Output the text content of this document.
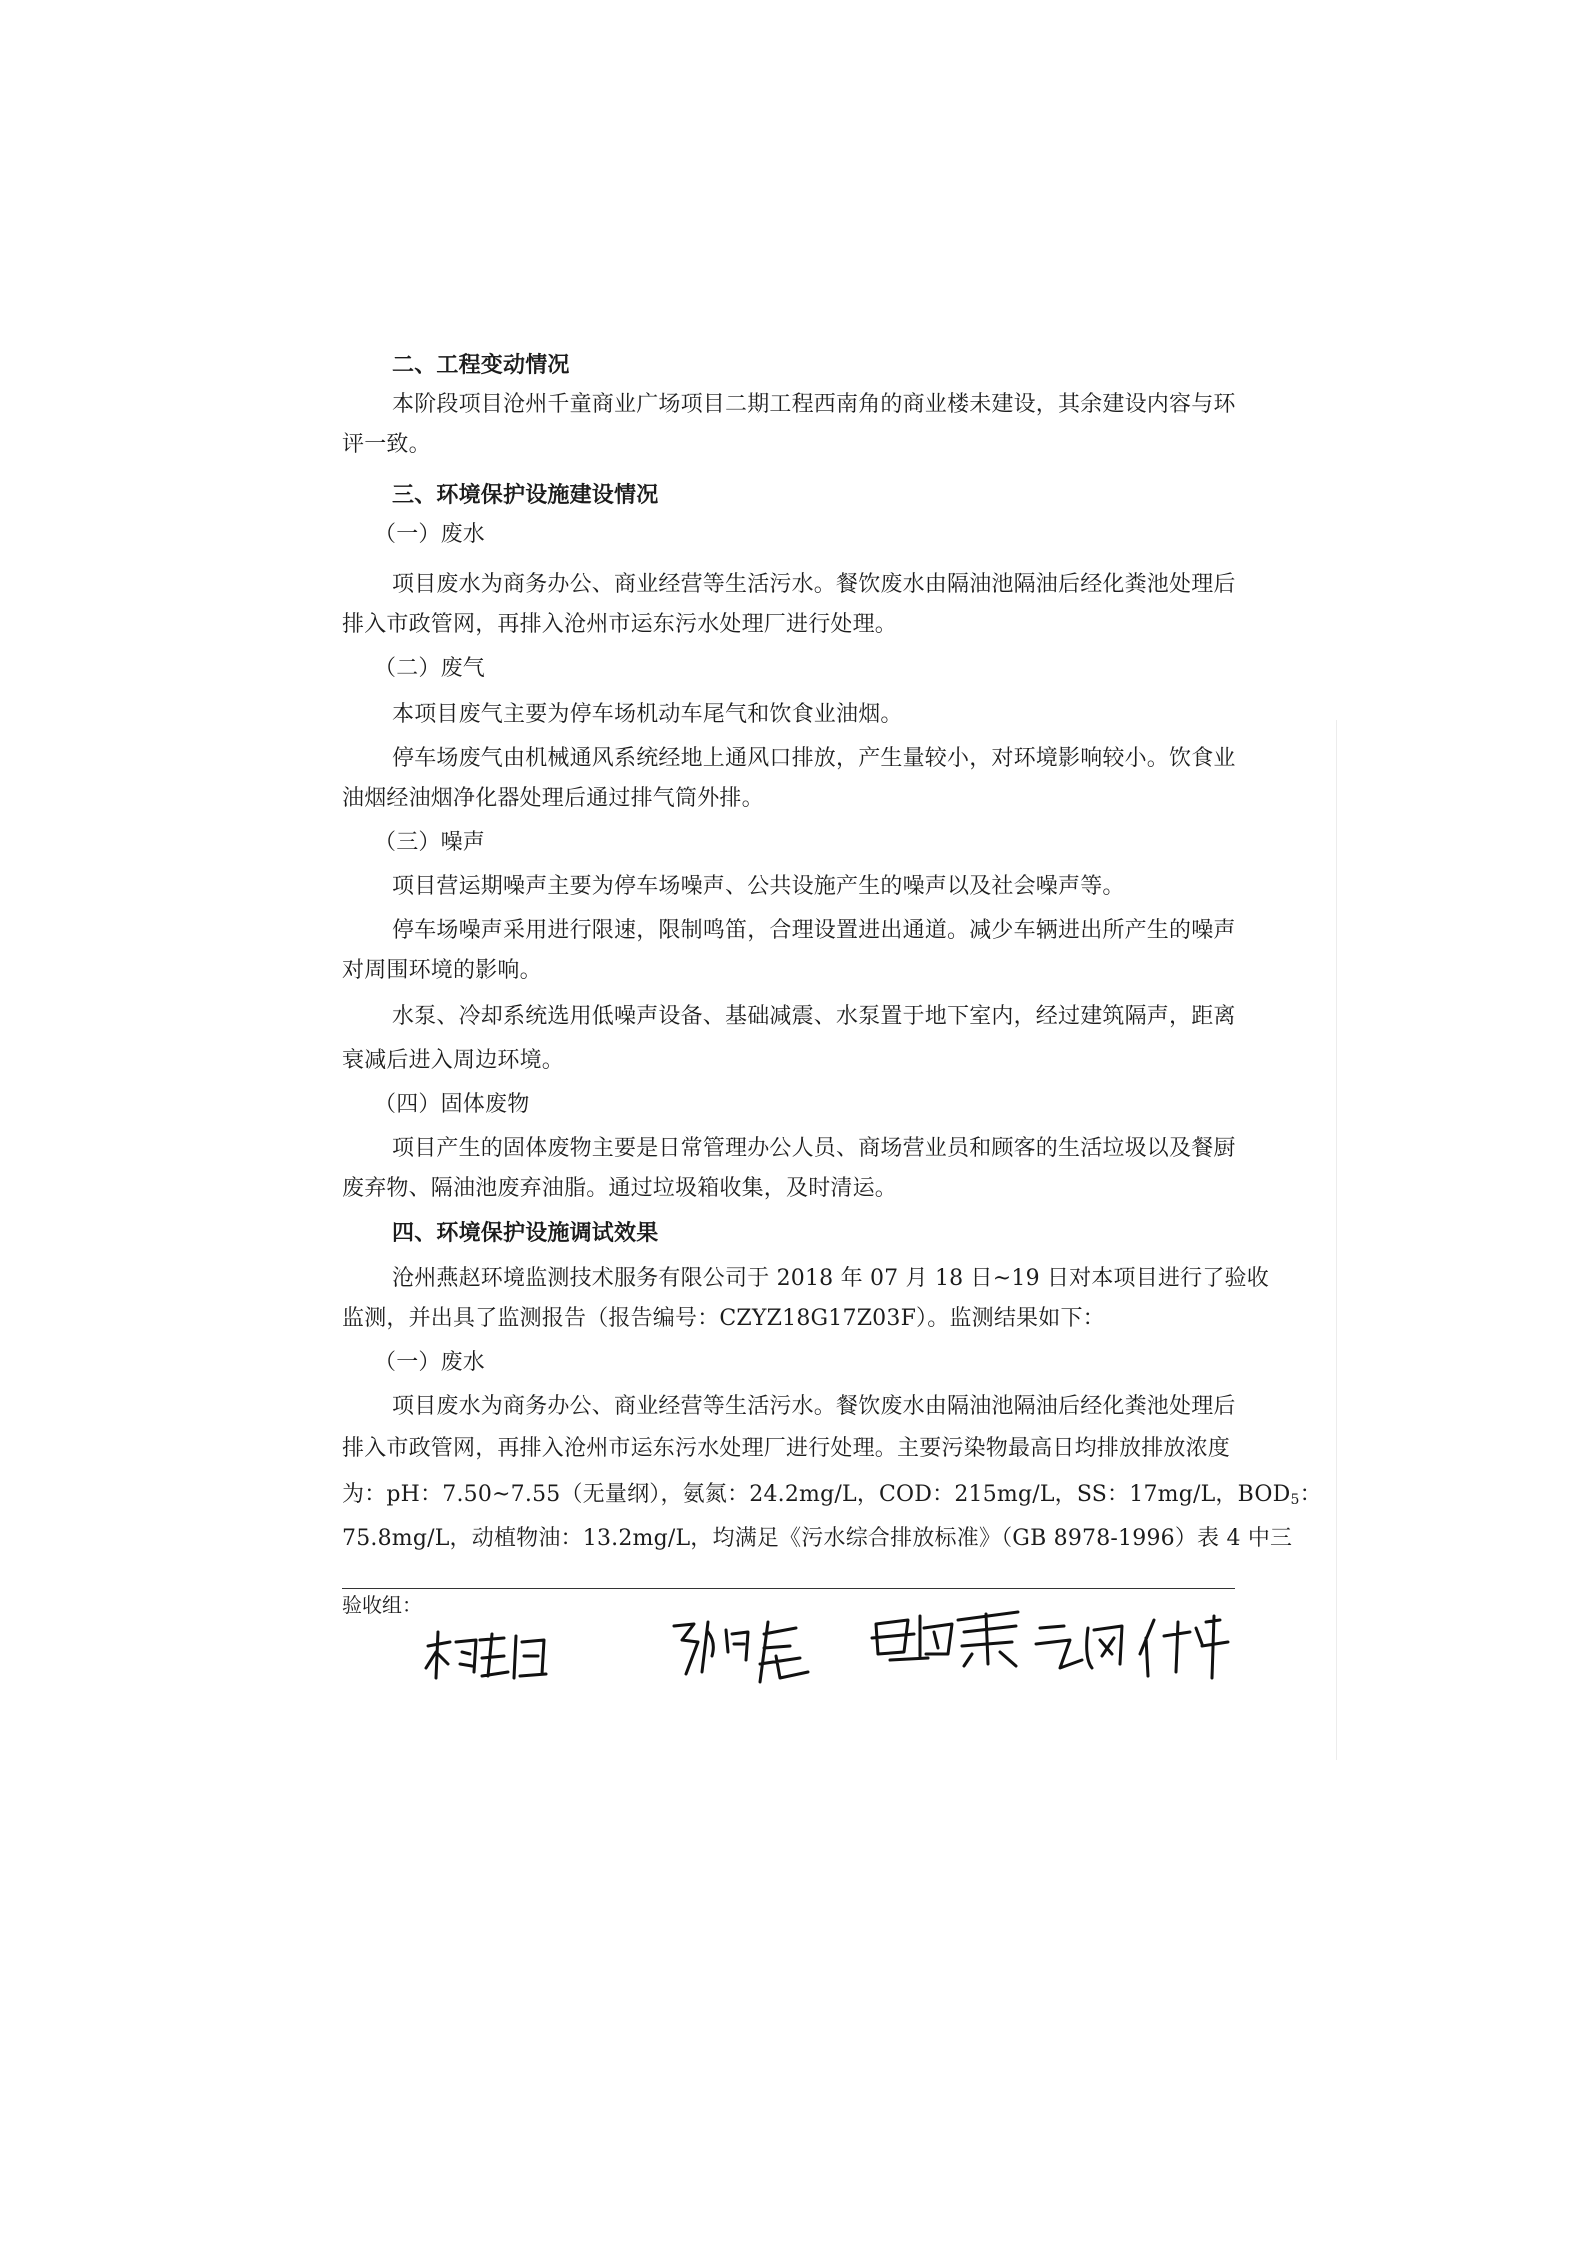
二、工程变动情况
本阶段项目沧州千童商业广场项目二期工程西南角的商业楼未建设，其余建设内容与环
评一致。
三、环境保护设施建设情况
（一）废水
项目废水为商务办公、商业经营等生活污水。餐饮废水由隔油池隔油后经化粪池处理后
排入市政管网，再排入沧州市运东污水处理厂进行处理。
（二）废气
本项目废气主要为停车场机动车尾气和饮食业油烟。
停车场废气由机械通风系统经地上通风口排放，产生量较小，对环境影响较小。饮食业
油烟经油烟净化器处理后通过排气筒外排。
（三）噪声
项目营运期噪声主要为停车场噪声、公共设施产生的噪声以及社会噪声等。
停车场噪声采用进行限速，限制鸣笛，合理设置进出通道。减少车辆进出所产生的噪声
对周围环境的影响。
水泵、冷却系统选用低噪声设备、基础减震、水泵置于地下室内，经过建筑隔声，距离
衰减后进入周边环境。
（四）固体废物
项目产生的固体废物主要是日常管理办公人员、商场营业员和顾客的生活垃圾以及餐厨
废弃物、隔油池废弃油脂。通过垃圾箱收集，及时清运。
四、环境保护设施调试效果
沧州燕赵环境监测技术服务有限公司于 2018 年 07 月 18 日~19 日对本项目进行了验收
监测，并出具了监测报告（报告编号：CZYZ18G17Z03F）。监测结果如下：
（一）废水
项目废水为商务办公、商业经营等生活污水。餐饮废水由隔油池隔油后经化粪池处理后
排入市政管网，再排入沧州市运东污水处理厂进行处理。主要污染物最高日均排放排放浓度
为：pH：7.50~7.55（无量纲），氨氮：24.2mg/L，COD：215mg/L，SS：17mg/L，$BOD_5$：
75.8mg/L，动植物油：13.2mg/L，均满足《污水综合排放标准》（GB 8978-1996）表 4 中三
验收组：
